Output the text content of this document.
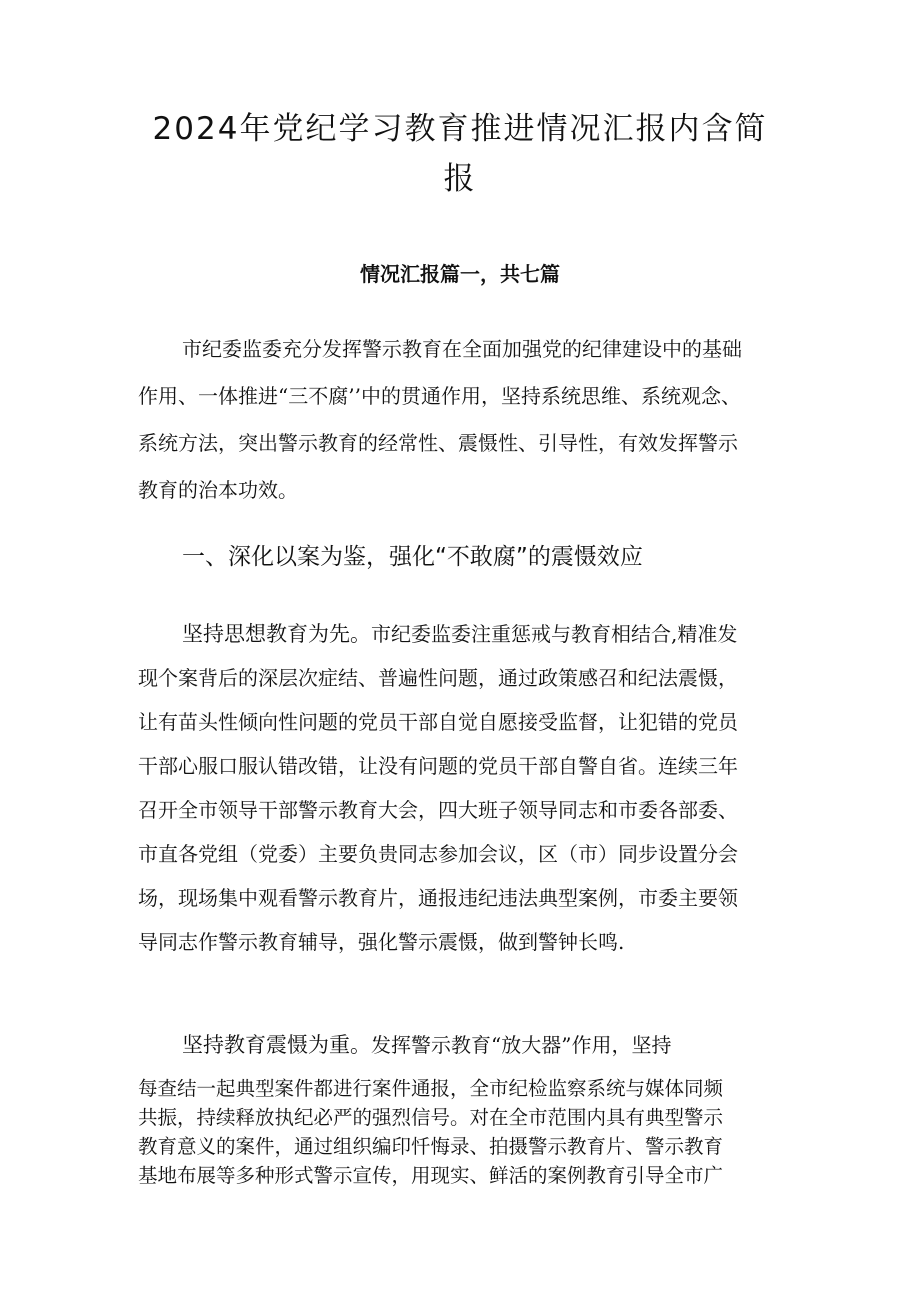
2024年党纪学习教育推进情况汇报内含简
报
情况汇报篇一，共七篇

市纪委监委充分发挥警示教育在全面加强党的纪律建设中的基础
作用、一体推进“三不腐’’中的贯通作用，坚持系统思维、系统观念、
系统方法，突出警示教育的经常性、震慑性、引导性，有效发挥警示
教育的治本功效。

一、深化以案为鉴，强化“不敢腐”的震慑效应

坚持思想教育为先。市纪委监委注重惩戒与教育相结合,精准发
现个案背后的深层次症结、普遍性问题，通过政策感召和纪法震慑，
让有苗头性倾向性问题的党员干部自觉自愿接受监督，让犯错的党员
干部心服口服认错改错，让没有问题的党员干部自警自省。连续三年
召开全市领导干部警示教育大会，四大班子领导同志和市委各部委、
市直各党组（党委）主要负贵同志参加会议，区（市）同步设置分会
场，现场集中观看警示教育片，通报违纪违法典型案例，市委主要领
导同志作警示教育辅导，强化警示震慑，做到警钟长鸣.

坚持教育震慑为重。发挥警示教育“放大器”作用，坚持

每查结一起典型案件都进行案件通报，全市纪检监察系统与媒体同频
共振，持续释放执纪必严的强烈信号。对在全市范围内具有典型警示
教育意义的案件，通过组织编印忏悔录、拍摄警示教育片、警示教育
基地布展等多种形式警示宣传，用现实、鲜活的案例教育引导全市广
